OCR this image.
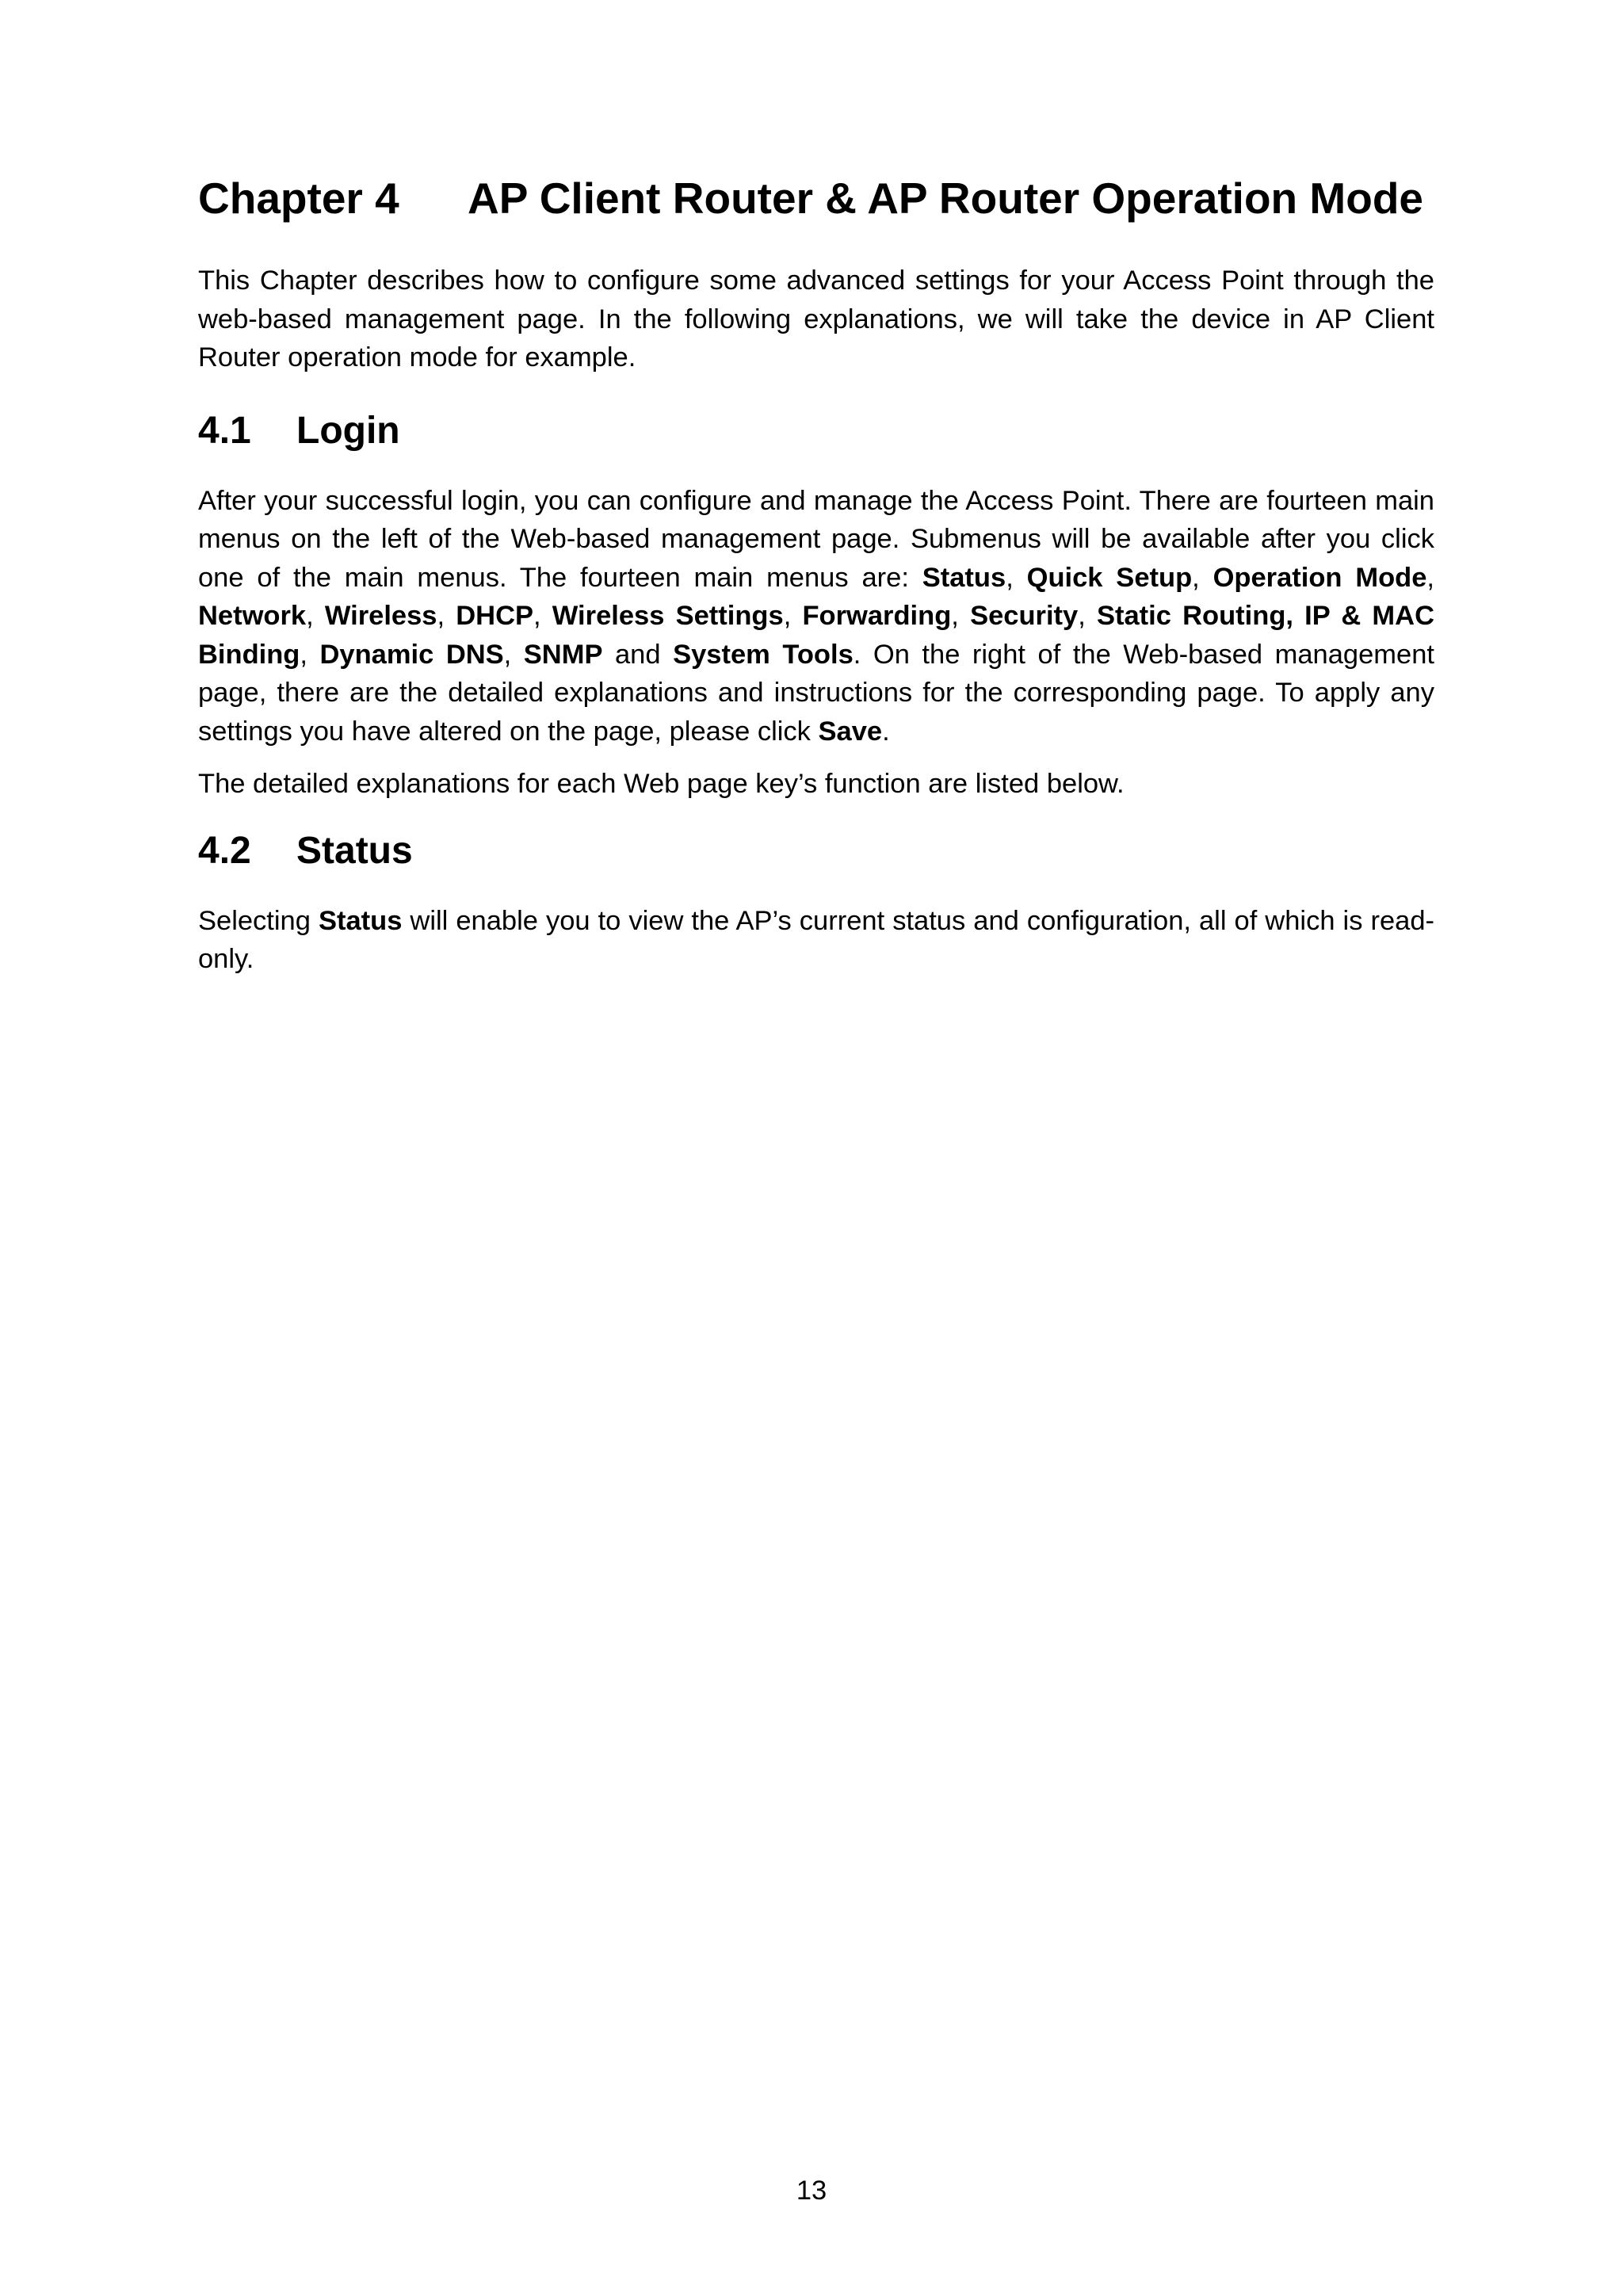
Chapter 4	AP Client Router & AP Router Operation Mode

This Chapter describes how to configure some advanced settings for your Access Point through the web-based management page. In the following explanations, we will take the device in AP Client Router operation mode for example.

4.1	Login

After your successful login, you can configure and manage the Access Point. There are fourteen main menus on the left of the Web-based management page. Submenus will be available after you click one of the main menus. The fourteen main menus are: Status, Quick Setup, Operation Mode, Network, Wireless, DHCP, Wireless Settings, Forwarding, Security, Static Routing, IP & MAC Binding, Dynamic DNS, SNMP and System Tools. On the right of the Web-based management page, there are the detailed explanations and instructions for the corresponding page. To apply any settings you have altered on the page, please click Save.

The detailed explanations for each Web page key’s function are listed below.

4.2	Status

Selecting Status will enable you to view the AP’s current status and configuration, all of which is read-only.

13
